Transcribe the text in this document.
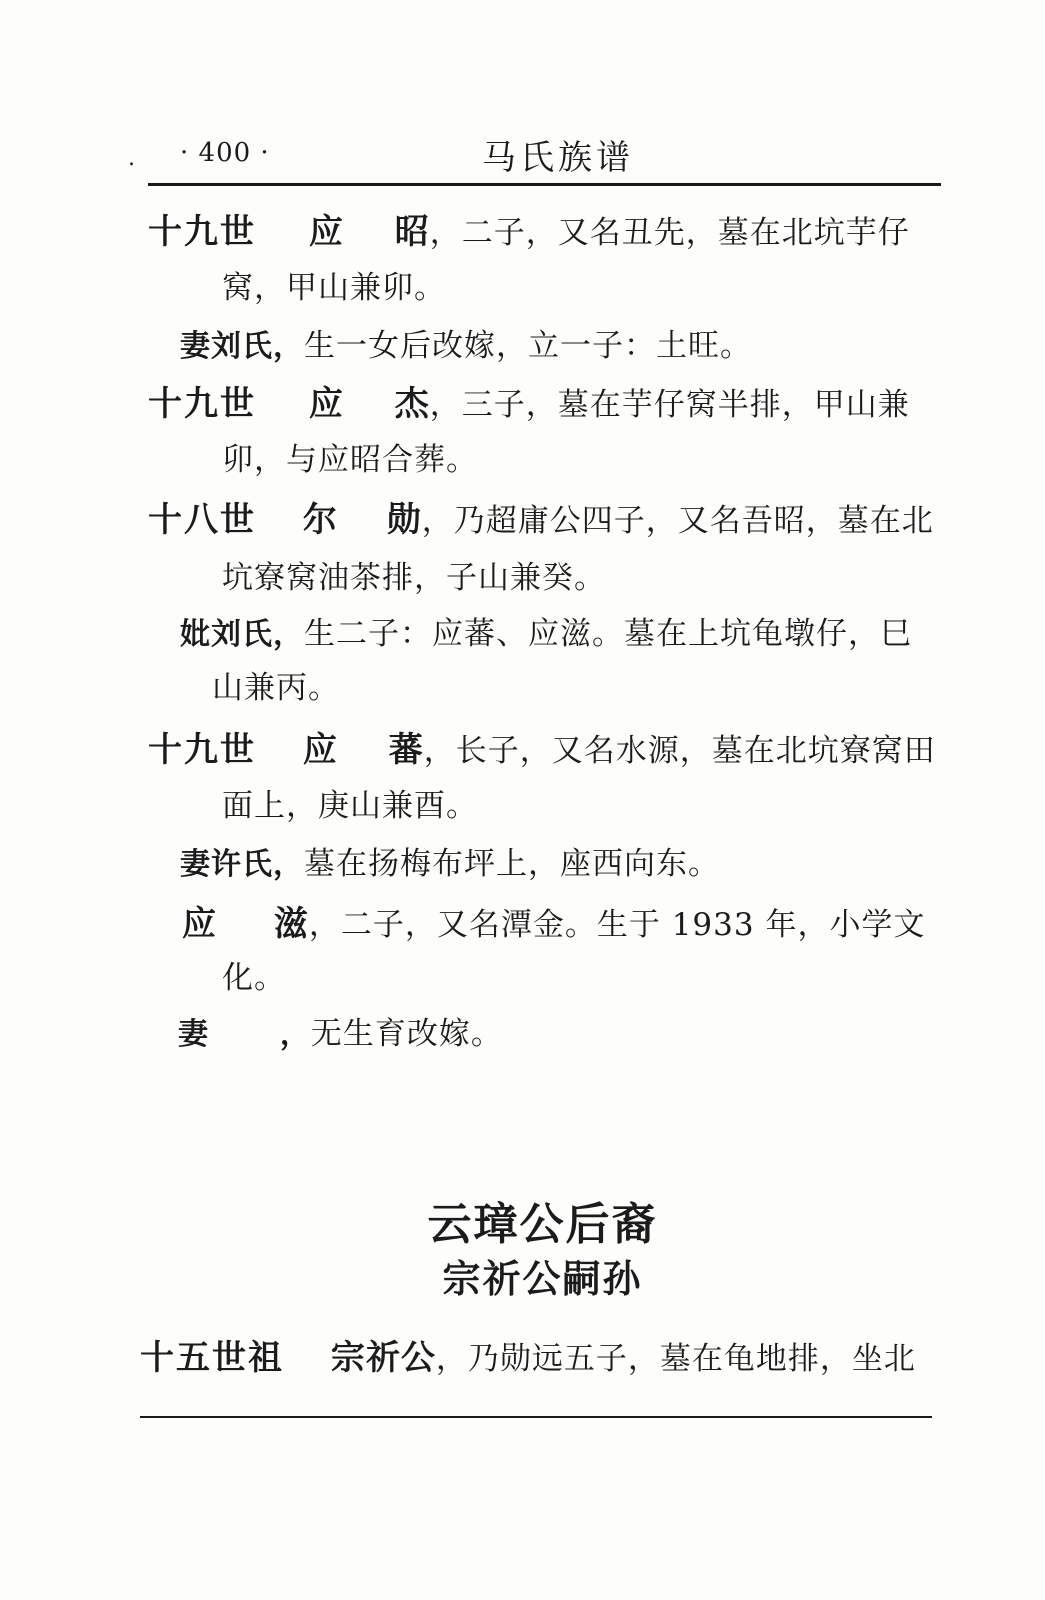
. · 400 ·	马氏族谱
十九世 应 昭，二子，又名丑先，墓在北坑芋仔
窝，甲山兼卯。
妻刘氏，生一女后改嫁，立一子：土旺。
十九世 应 杰，三子，墓在芋仔窝半排，甲山兼
卯，与应昭合葬。
十八世 尔 勋，乃超庸公四子，又名吾昭，墓在北
坑寮窝油茶排，子山兼癸。
妣刘氏，生二子：应蕃、应滋。墓在上坑龟墩仔，巳
山兼丙。
十九世 应 蕃，长子，又名水源，墓在北坑寮窝田
面上，庚山兼酉。
妻许氏，墓在扬梅布坪上，座西向东。
应 滋，二子，又名潭金。生于 1933 年，小学文
化。
妻 ，无生育改嫁。
云璋公后裔
宗祈公嗣孙
十五世祖 宗祈公，乃勋远五子，墓在龟地排，坐北
